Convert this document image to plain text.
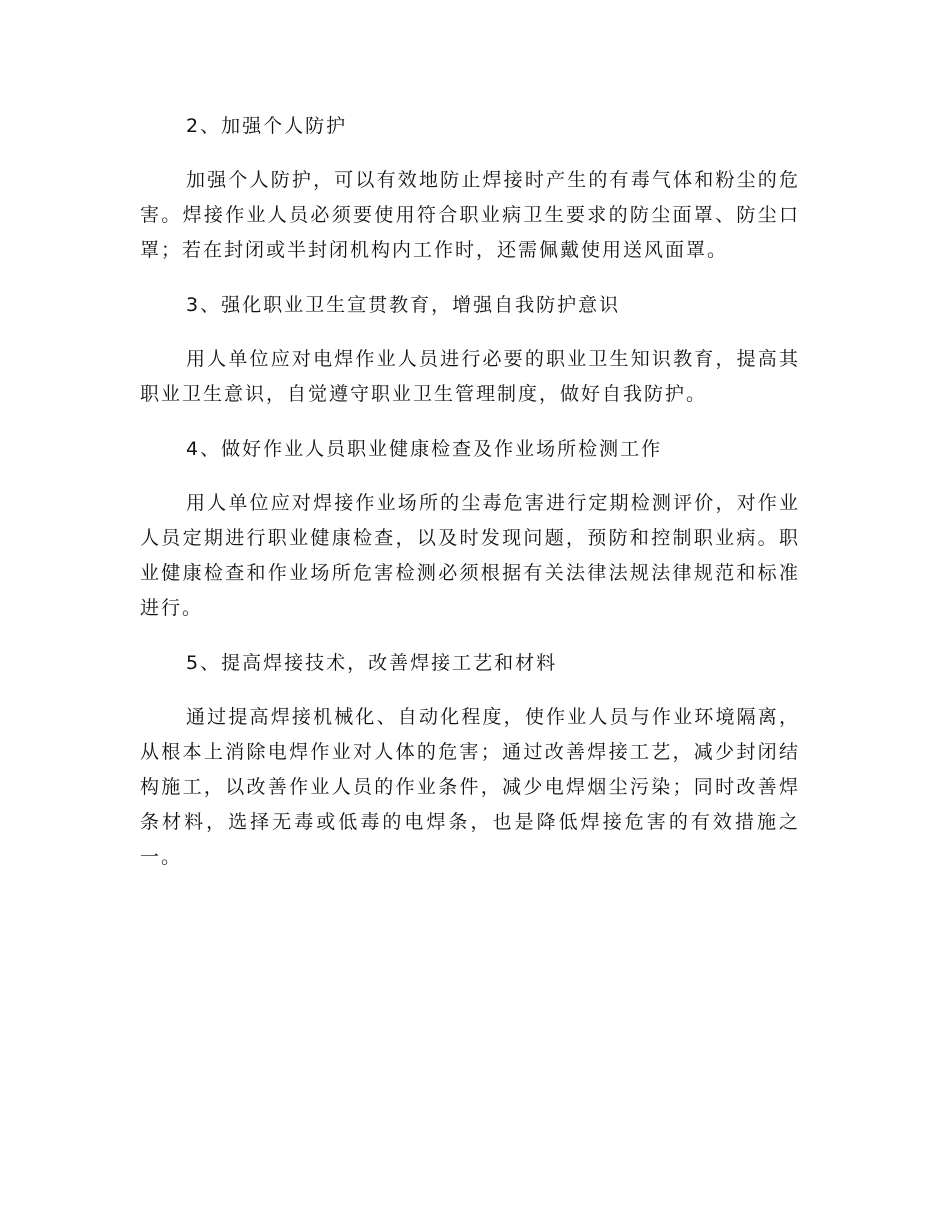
2、加强个人防护

加强个人防护，可以有效地防止焊接时产生的有毒气体和粉尘的危害。焊接作业人员必须要使用符合职业病卫生要求的防尘面罩、防尘口罩；若在封闭或半封闭机构内工作时，还需佩戴使用送风面罩。

3、强化职业卫生宣贯教育，增强自我防护意识

用人单位应对电焊作业人员进行必要的职业卫生知识教育，提高其职业卫生意识，自觉遵守职业卫生管理制度，做好自我防护。

4、做好作业人员职业健康检查及作业场所检测工作

用人单位应对焊接作业场所的尘毒危害进行定期检测评价，对作业人员定期进行职业健康检查，以及时发现问题，预防和控制职业病。职业健康检查和作业场所危害检测必须根据有关法律法规法律规范和标准进行。

5、提高焊接技术，改善焊接工艺和材料

通过提高焊接机械化、自动化程度，使作业人员与作业环境隔离，从根本上消除电焊作业对人体的危害；通过改善焊接工艺，减少封闭结构施工，以改善作业人员的作业条件，减少电焊烟尘污染；同时改善焊条材料，选择无毒或低毒的电焊条，也是降低焊接危害的有效措施之一。
